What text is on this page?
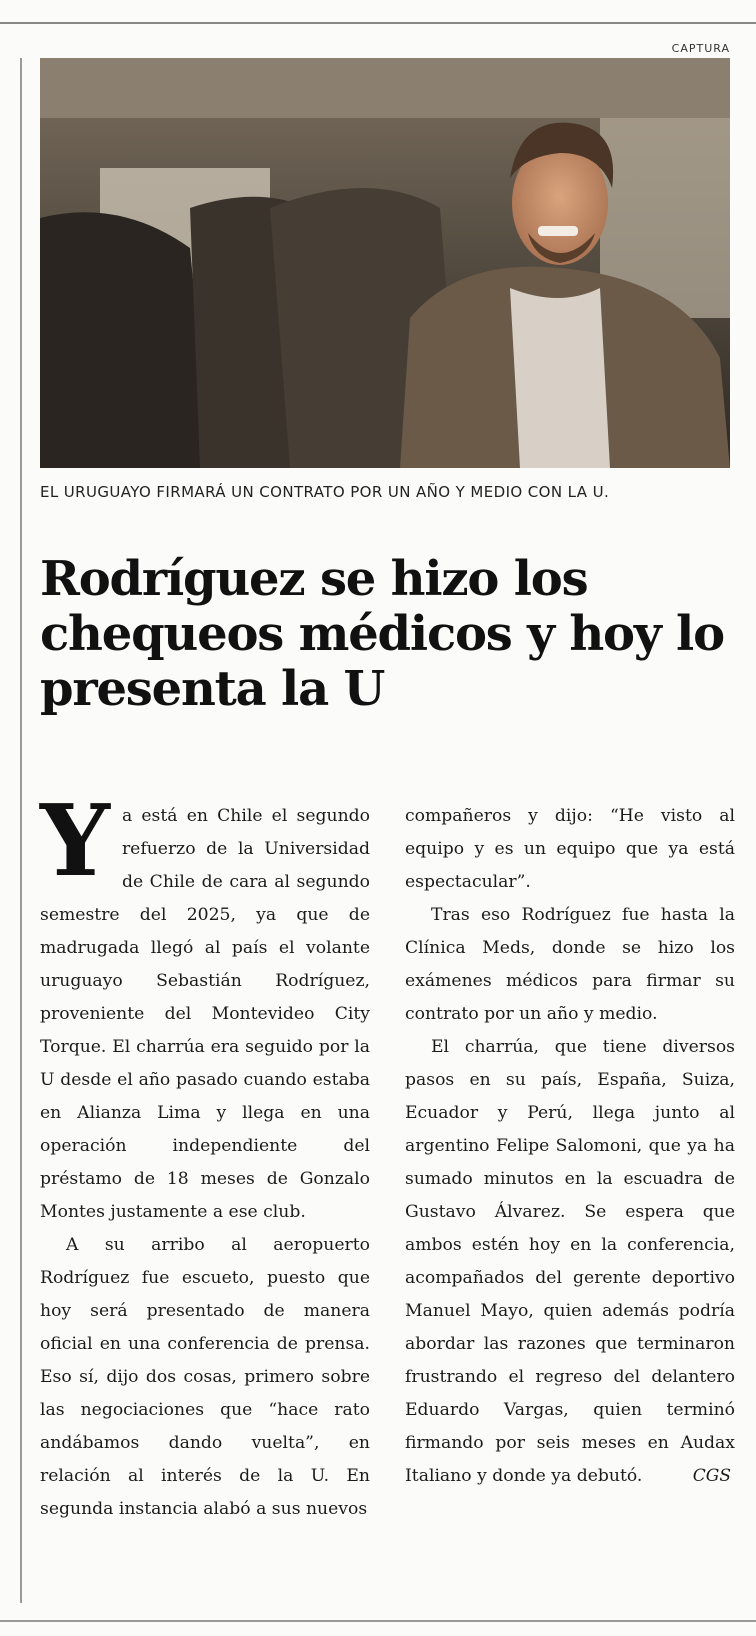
CAPTURA
EL URUGUAYO FIRMARÁ UN CONTRATO POR UN AÑO Y MEDIO CON LA U.
Rodríguez se hizo los chequeos médicos y hoy lo presenta la U

Ya está en Chile el segundo refuerzo de la Universidad de Chile de cara al segundo semestre del 2025, ya que de madrugada llegó al país el volante uruguayo Sebastián Rodríguez, proveniente del Montevideo City Torque. El charrúa era seguido por la U desde el año pasado cuando estaba en Alianza Lima y llega en una operación independiente del préstamo de 18 meses de Gonzalo Montes justamente a ese club.

A su arribo al aeropuerto Rodríguez fue escueto, puesto que hoy será presentado de manera oficial en una conferencia de prensa. Eso sí, dijo dos cosas, primero sobre las negociaciones que “hace rato andábamos dando vuelta”, en relación al interés de la U. En segunda instancia alabó a sus nuevos

compañeros y dijo: “He visto al equipo y es un equipo que ya está espectacular”.

Tras eso Rodríguez fue hasta la Clínica Meds, donde se hizo los exámenes médicos para firmar su contrato por un año y medio.

El charrúa, que tiene diversos pasos en su país, España, Suiza, Ecuador y Perú, llega junto al argentino Felipe Salomoni, que ya ha sumado minutos en la escuadra de Gustavo Álvarez. Se espera que ambos estén hoy en la conferencia, acompañados del gerente deportivo Manuel Mayo, quien además podría abordar las razones que terminaron frustrando el regreso del delantero Eduardo Vargas, quien terminó firmando por seis meses en Audax Italiano y donde ya debutó.	CGS
